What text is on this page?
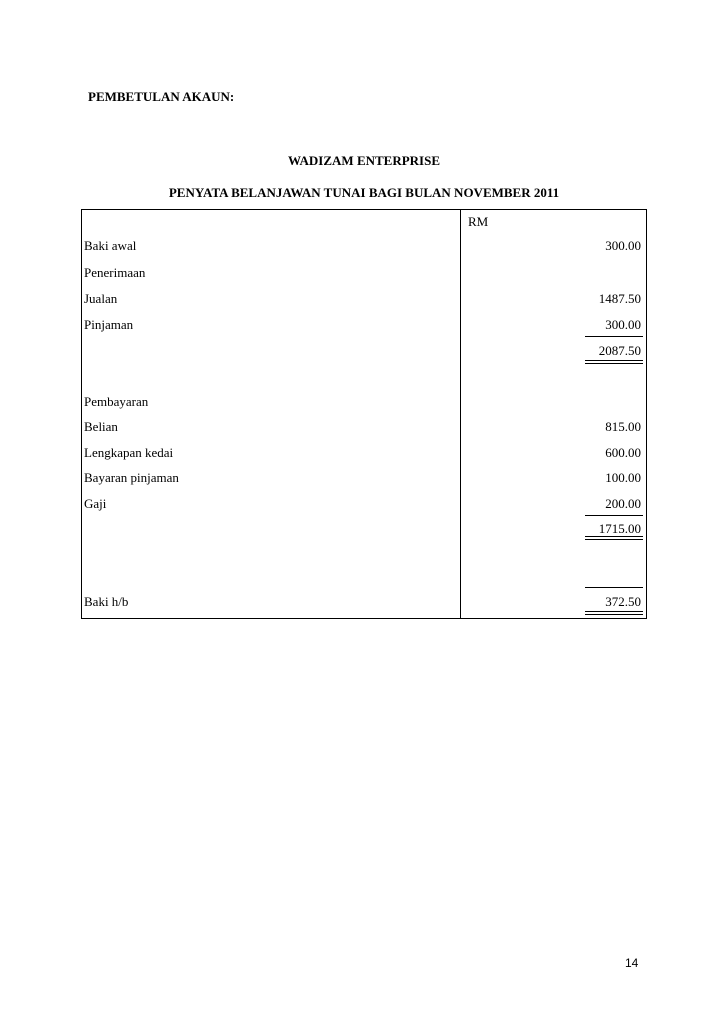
PEMBETULAN AKAUN:
WADIZAM ENTERPRISE
PENYATA BELANJAWAN TUNAI BAGI BULAN NOVEMBER 2011
RM
Baki awal	300.00
Penerimaan
Jualan	1487.50
Pinjaman	300.00
2087.50
Pembayaran
Belian	815.00
Lengkapan kedai	600.00
Bayaran pinjaman	100.00
Gaji	200.00
1715.00
Baki h/b	372.50
14
